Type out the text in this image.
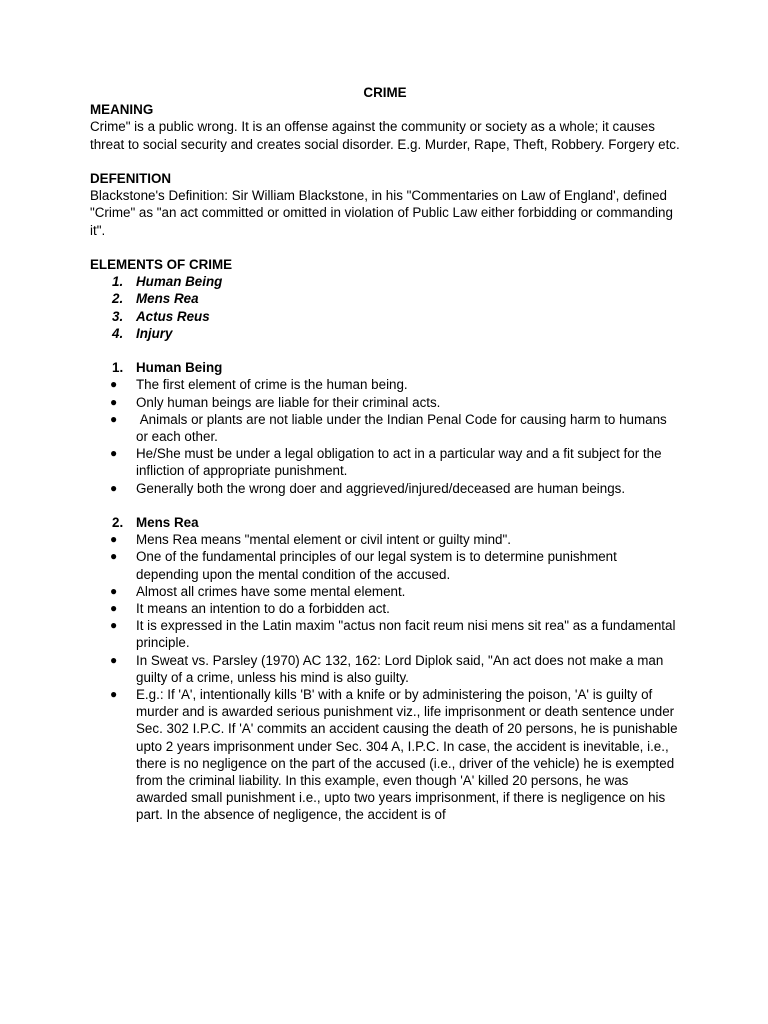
CRIME

MEANING

Crime" is a public wrong. It is an offense against the community or society as a whole; it causes threat to social security and creates social disorder. E.g. Murder, Rape, Theft, Robbery. Forgery etc.

DEFENITION

Blackstone's Definition: Sir William Blackstone, in his "Commentaries on Law of England', defined "Crime" as "an act committed or omitted in violation of Public Law either forbidding or commanding it".

ELEMENTS OF CRIME

1. Human Being
2. Mens Rea
3. Actus Reus
4. Injury

1. Human Being

● The first element of crime is the human being.
● Only human beings are liable for their criminal acts.
● Animals or plants are not liable under the Indian Penal Code for causing harm to humans or each other.
● He/She must be under a legal obligation to act in a particular way and a fit subject for the infliction of appropriate punishment.
● Generally both the wrong doer and aggrieved/injured/deceased are human beings.

2. Mens Rea

● Mens Rea means "mental element or civil intent or guilty mind".
● One of the fundamental principles of our legal system is to determine punishment depending upon the mental condition of the accused.
● Almost all crimes have some mental element.
● It means an intention to do a forbidden act.
● It is expressed in the Latin maxim "actus non facit reum nisi mens sit rea" as a fundamental principle.
● In Sweat vs. Parsley (1970) AC 132, 162: Lord Diplok said, "An act does not make a man guilty of a crime, unless his mind is also guilty.
● E.g.: If 'A', intentionally kills 'B' with a knife or by administering the poison, 'A' is guilty of murder and is awarded serious punishment viz., life imprisonment or death sentence under Sec. 302 I.P.C. If 'A' commits an accident causing the death of 20 persons, he is punishable upto 2 years imprisonment under Sec. 304 A, I.P.C. In case, the accident is inevitable, i.e., there is no negligence on the part of the accused (i.e., driver of the vehicle) he is exempted from the criminal liability. In this example, even though 'A' killed 20 persons, he was awarded small punishment i.e., upto two years imprisonment, if there is negligence on his part. In the absence of negligence, the accident is of
